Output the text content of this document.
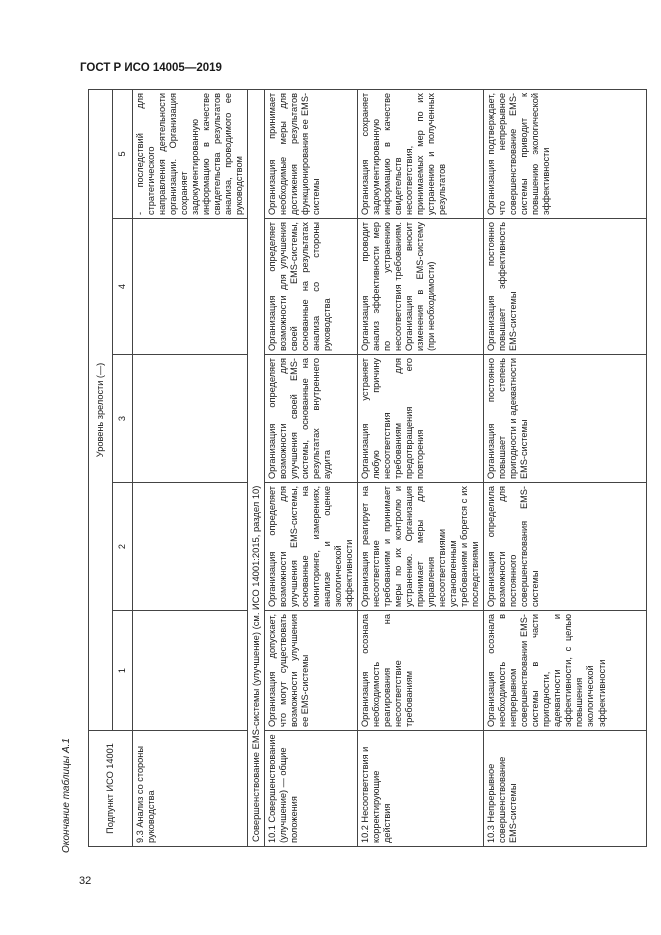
ГОСТ Р ИСО 14005—2019
Окончание таблицы А.1
32
Подпункт ИСО 14001	Уровень зрелости (—)				
	1	2	3	4	5
9.3 Анализ со стороны руководства					- последствий для стратегического направления деятельности организации. Организация сохраняет задокументированную информацию в качестве свидетельства результатов анализа, проводимого ее руководством
Совершенствование EMS-системы (улучшение) (см. ИСО 14001:2015, раздел 10)					
10.1 Совершенствование (улучшение) — общие положения	Организация допускает, что могут существовать возможности улучшения ее EMS-системы	Организация определяет возможности для улучшения EMS-системы, основанные на мониторинге, измерениях, анализе и оценке экологической эффективности	Организация определяет возможности для улучшения своей EMS-системы, основанные на результатах внутреннего аудита	Организация определяет возможности для улучшения своей EMS-системы, основанные на результатах анализа со стороны руководства	Организация принимает необходимые меры для достижения результатов функционирования ее EMS-системы
10.2 Несоответствия и корректирующие действия	Организация осознала необходимость реагирования на несоответствие требованиям	Организация реагирует на несоответствие требованиям и принимает меры по их контролю и устранению. Организация принимает меры для управления несоответствиями установленным требованиям и борется с их последствиями	Организация устраняет любую причину несоответствия требованиям для предотвращения его повторения	Организация проводит анализ эффективности мер по устранению несоответствия требованиям. Организация вносит изменения в EMS-систему (при необходимости)	Организация сохраняет задокументированную информацию в качестве свидетельств несоответствия, принимаемых мер по их устранению и полученных результатов
10.3 Непрерывное совершенствование EMS-системы	Организация осознала необходимость в непрерывном совершенствовании EMS-системы в части пригодности, адекватности и эффективности, с целью повышения экологической эффективности	Организация определила возможности для постоянного совершенствования EMS-системы	Организация постоянно повышает степень пригодности и адекватности EMS-системы	Организация постоянно повышает эффективность EMS-системы	Организация подтверждает, что непрерывное совершенствование EMS-системы приводит к повышению экологической эффективности
